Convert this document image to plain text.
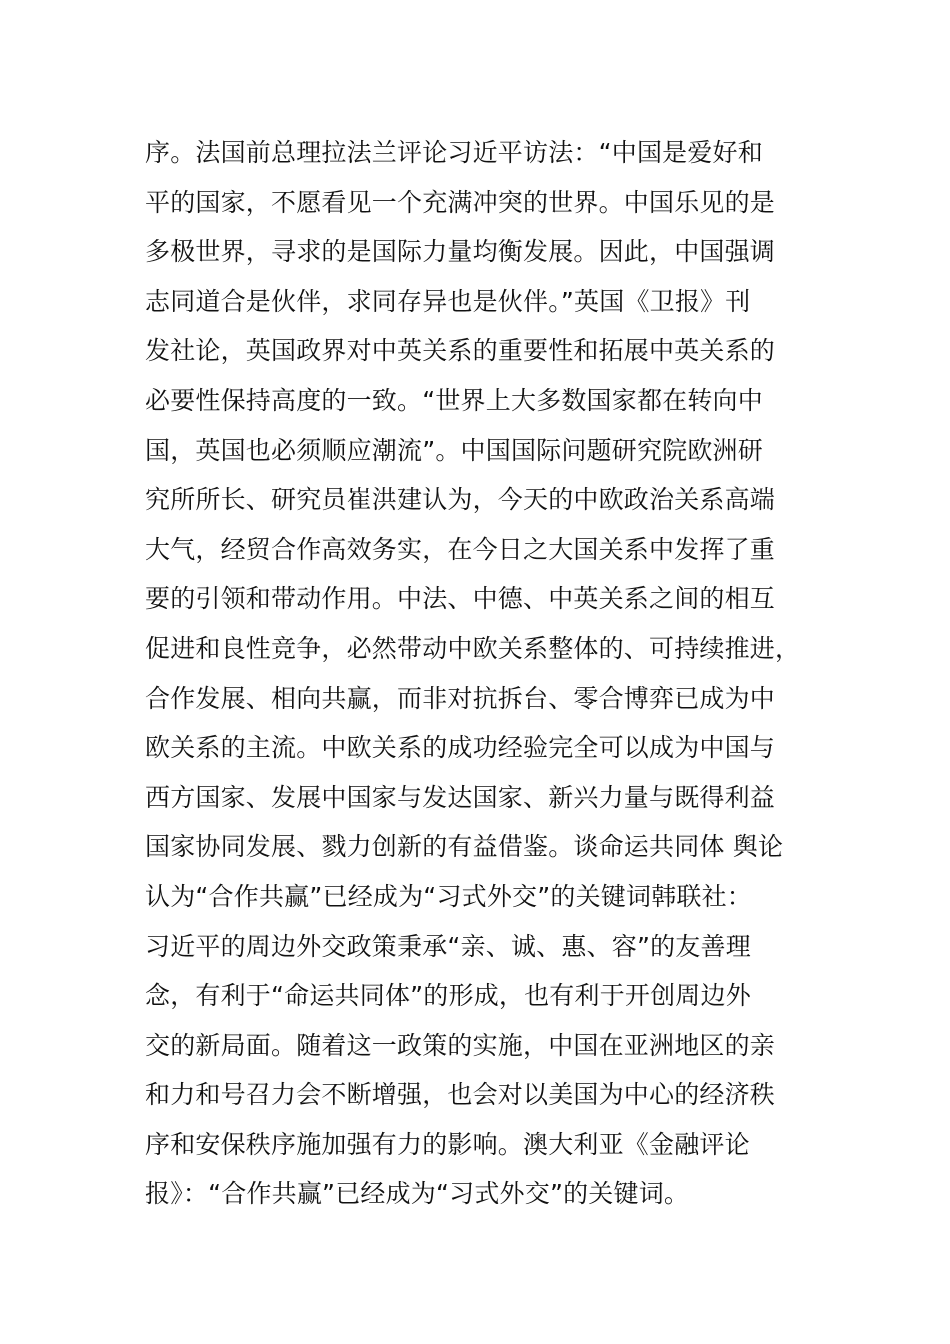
序。法国前总理拉法兰评论习近平访法：“中国是爱好和
平的国家，不愿看见一个充满冲突的世界。中国乐见的是
多极世界，寻求的是国际力量均衡发展。因此，中国强调
志同道合是伙伴，求同存异也是伙伴。”英国《卫报》刊
发社论，英国政界对中英关系的重要性和拓展中英关系的
必要性保持高度的一致。“世界上大多数国家都在转向中
国，英国也必须顺应潮流”。中国国际问题研究院欧洲研
究所所长、研究员崔洪建认为，今天的中欧政治关系高端
大气，经贸合作高效务实，在今日之大国关系中发挥了重
要的引领和带动作用。中法、中德、中英关系之间的相互
促进和良性竞争，必然带动中欧关系整体的、可持续推进，
合作发展、相向共赢，而非对抗拆台、零合博弈已成为中
欧关系的主流。中欧关系的成功经验完全可以成为中国与
西方国家、发展中国家与发达国家、新兴力量与既得利益
国家协同发展、戮力创新的有益借鉴。谈命运共同体 舆论
认为“合作共赢”已经成为“习式外交”的关键词韩联社：
习近平的周边外交政策秉承“亲、诚、惠、容”的友善理
念，有利于“命运共同体”的形成，也有利于开创周边外
交的新局面。随着这一政策的实施，中国在亚洲地区的亲
和力和号召力会不断增强，也会对以美国为中心的经济秩
序和安保秩序施加强有力的影响。澳大利亚《金融评论
报》：“合作共赢”已经成为“习式外交”的关键词。
